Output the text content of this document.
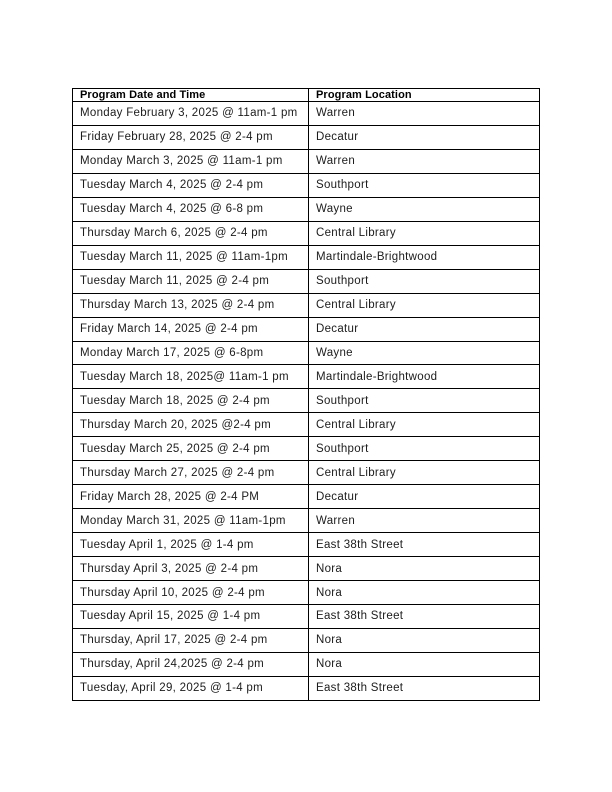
Program Date and Time	Program Location
Monday February 3, 2025 @ 11am-1 pm	Warren
Friday February 28, 2025 @ 2-4 pm	Decatur
Monday March 3, 2025 @ 11am-1 pm	Warren
Tuesday March 4, 2025 @ 2-4 pm	Southport
Tuesday March 4, 2025 @ 6-8 pm	Wayne
Thursday March 6, 2025 @ 2-4 pm	Central Library
Tuesday March 11, 2025 @ 11am-1pm	Martindale-Brightwood
Tuesday March 11, 2025 @ 2-4 pm	Southport
Thursday March 13, 2025 @ 2-4 pm	Central Library
Friday March 14, 2025 @ 2-4 pm	Decatur
Monday March 17, 2025 @ 6-8pm	Wayne
Tuesday March 18, 2025@ 11am-1 pm	Martindale-Brightwood
Tuesday March 18, 2025 @ 2-4 pm	Southport
Thursday March 20, 2025 @2-4 pm	Central Library
Tuesday March 25, 2025 @ 2-4 pm	Southport
Thursday March 27, 2025 @ 2-4 pm	Central Library
Friday March 28, 2025 @ 2-4 PM	Decatur
Monday March 31, 2025 @ 11am-1pm	Warren
Tuesday April 1, 2025 @ 1-4 pm	East 38th Street
Thursday April 3, 2025 @ 2-4 pm	Nora
Thursday April 10, 2025 @ 2-4 pm	Nora
Tuesday April 15, 2025 @ 1-4 pm	East 38th Street
Thursday, April 17, 2025 @ 2-4 pm	Nora
Thursday, April 24,2025 @ 2-4 pm	Nora
Tuesday, April 29, 2025 @ 1-4 pm	East 38th Street
